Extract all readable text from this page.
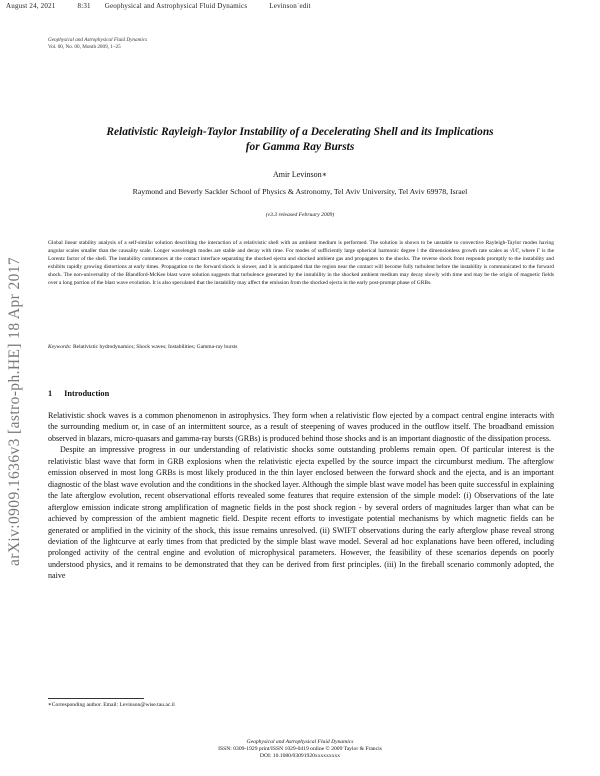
August 24, 2021	8:31 Geophysical and Astrophysical Fluid Dynamics	Levinson˙edit
arXiv:0909.1636v3 [astro-ph.HE] 18 Apr 2017
Geophysical and Astrophysical Fluid Dynamics
Vol. 00, No. 00, Month 2009, 1–25
Relativistic Rayleigh-Taylor Instability of a Decelerating Shell and its Implications
for Gamma Ray Bursts
Amir Levinson∗
Raymond and Beverly Sackler School of Physics & Astronomy, Tel Aviv University, Tel Aviv 69978, Israel
(v3.3 released February 2009)
Global linear stability analysis of a self-similar solution describing the interaction of a relativistic shell with an ambient medium is performed. The solution is shown to be unstable to convective Rayleigh-Taylor modes having angular scales smaller than the causality scale. Longer wavelength modes are stable and decay with time. For modes of sufficiently large spherical harmonic degree l the dimensionless growth rate scales as √l/Γ, where Γ is the Lorentz factor of the shell. The instability commences at the contact interface separating the shocked ejecta and shocked ambient gas and propagates to the shocks. The reverse shock front responds promptly to the instability and exhibits rapidly growing distortions at early times. Propagation to the forward shock is slower, and it is anticipated that the region near the contact will become fully turbulent before the instability is communicated to the forward shock. The non-universality of the Blandford-McKee blast wave solution suggests that turbulence generated by the instability in the shocked ambient medium may decay slowly with time and may be the origin of magnetic fields over a long portion of the blast wave evolution. It is also speculated that the instability may affect the emission from the shocked ejecta in the early post-prompt phase of GRBs.
Keywords: Relativistic hydrodynamics; Shock waves; Instabilities; Gamma-ray bursts
1 Introduction

Relativistic shock waves is a common phenomenon in astrophysics. They form when a relativistic flow ejected by a compact central engine interacts with the surrounding medium or, in case of an intermittent source, as a result of steepening of waves produced in the outflow itself. The broadband emission observed in blazars, micro-quasars and gamma-ray bursts (GRBs) is produced behind those shocks and is an important diagnostic of the dissipation process.

Despite an impressive progress in our understanding of relativistic shocks some outstanding problems remain open. Of particular interest is the relativistic blast wave that form in GRB explosions when the relativistic ejecta expelled by the source impact the circumburst medium. The afterglow emission observed in most long GRBs is most likely produced in the thin layer enclosed between the forward shock and the ejecta, and is an important diagnostic of the blast wave evolution and the conditions in the shocked layer. Although the simple blast wave model has been quite successful in explaining the late afterglow evolution, recent observational efforts revealed some features that require extension of the simple model: (i) Observations of the late afterglow emission indicate strong amplification of magnetic fields in the post shock region - by several orders of magnitudes larger than what can be achieved by compression of the ambient magnetic field. Despite recent efforts to investigate potential mechanisms by which magnetic fields can be generated or amplified in the vicinity of the shock, this issue remains unresolved. (ii) SWIFT observations during the early afterglow phase reveal strong deviation of the lightcurve at early times from that predicted by the simple blast wave model. Several ad hoc explanations have been offered, including prolonged activity of the central engine and evolution of microphysical parameters. However, the feasibility of these scenarios depends on poorly understood physics, and it remains to be demonstrated that they can be derived from first principles. (iii) In the fireball scenario commonly adopted, the naive

∗Corresponding author. Email: Levinson@wise.tau.ac.il
Geophysical and Astrophysical Fluid Dynamics
ISSN: 0309-1929 print/ISSN 1029-0419 online © 2009 Taylor & Francis
DOI: 10.1080/03091920xxxxxxxxx
